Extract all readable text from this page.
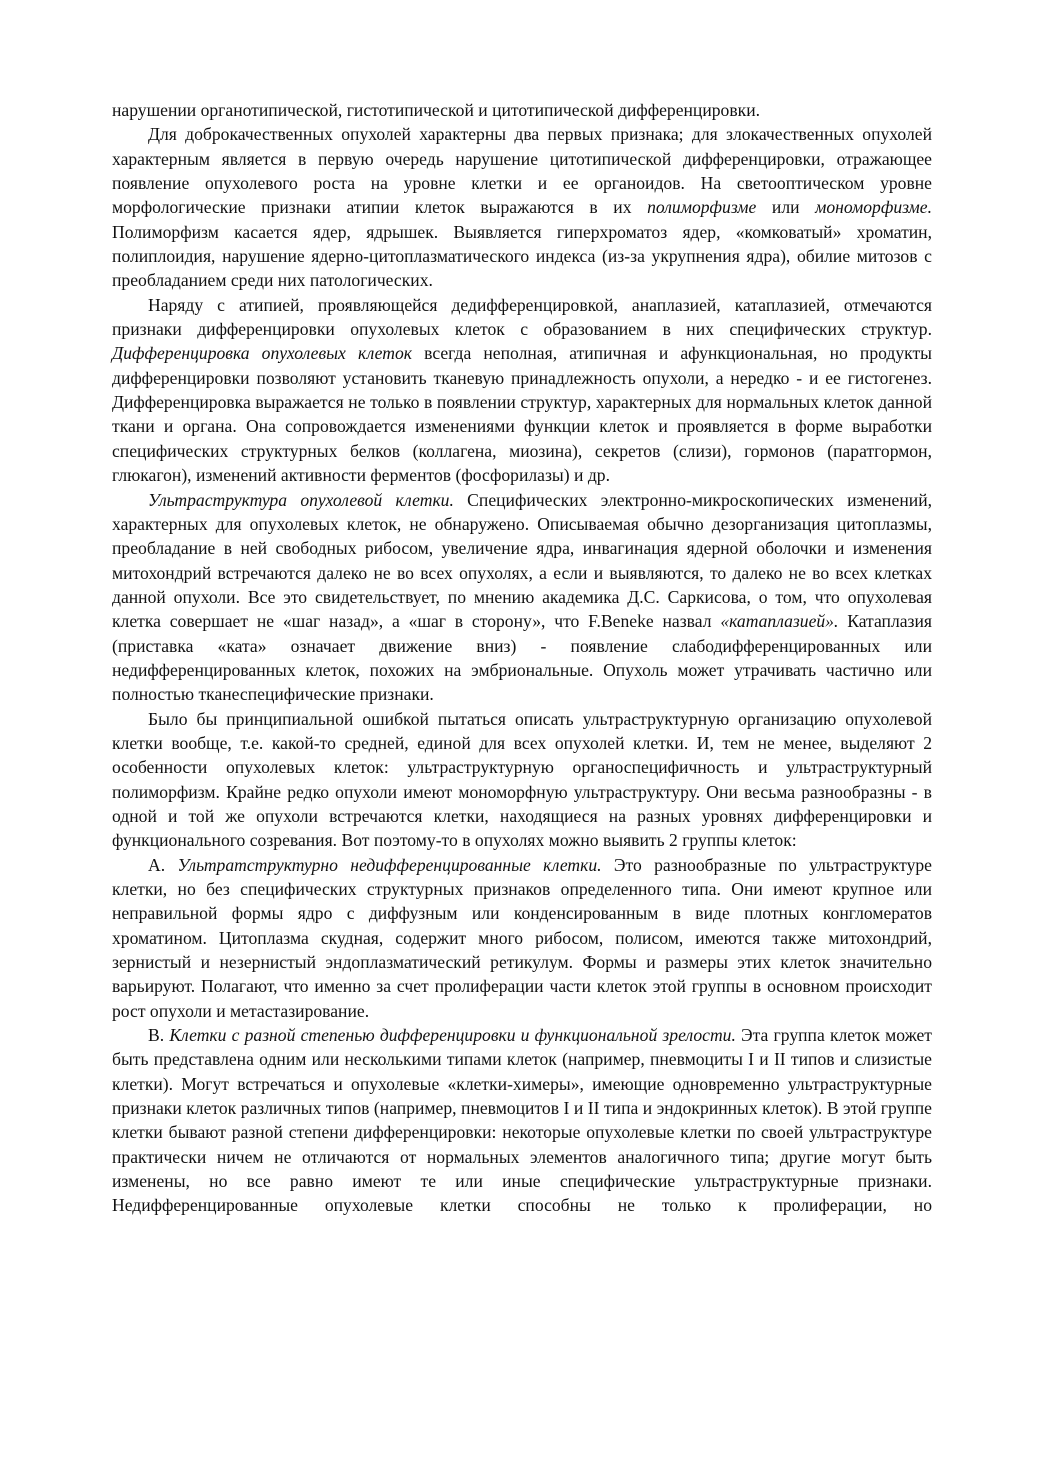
нарушении органотипической, гистотипической и цитотипической дифференцировки.

Для доброкачественных опухолей характерны два первых признака; для злокачественных опухолей характерным является в первую очередь нарушение цитотипической дифференцировки, отражающее появление опухолевого роста на уровне клетки и ее органоидов. На светооптическом уровне морфологические признаки атипии клеток выражаются в их полиморфизме или мономорфизме. Полиморфизм касается ядер, ядрышек. Выявляется гиперхроматоз ядер, «комковатый» хроматин, полиплоидия, нарушение ядерно-цитоплазматического индекса (из-за укрупнения ядра), обилие митозов с преобладанием среди них патологических.

Наряду с атипией, проявляющейся дедифференцировкой, анаплазией, катаплазией, отмечаются признаки дифференцировки опухолевых клеток с образованием в них специфических структур. Дифференцировка опухолевых клеток всегда неполная, атипичная и афункциональная, но продукты дифференцировки позволяют установить тканевую принадлежность опухоли, а нередко - и ее гистогенез. Дифференцировка выражается не только в появлении структур, характерных для нормальных клеток данной ткани и органа. Она сопровождается изменениями функции клеток и проявляется в форме выработки специфических структурных белков (коллагена, миозина), секретов (слизи), гормонов (паратгормон, глюкагон), изменений активности ферментов (фосфорилазы) и др.

Ультраструктура опухолевой клетки. Специфических электронно-микроскопических изменений, характерных для опухолевых клеток, не обнаружено. Описываемая обычно дезорганизация цитоплазмы, преобладание в ней свободных рибосом, увеличение ядра, инвагинация ядерной оболочки и изменения митохондрий встречаются далеко не во всех опухолях, а если и выявляются, то далеко не во всех клетках данной опухоли. Все это свидетельствует, по мнению академика Д.С. Саркисова, о том, что опухолевая клетка совершает не «шаг назад», а «шаг в сторону», что F.Beneke назвал «катаплазией». Катаплазия (приставка «ката» означает движение вниз) - появление слабодифференцированных или недифференцированных клеток, похожих на эмбриональные. Опухоль может утрачивать частично или полностью тканеспецифические признаки.

Было бы принципиальной ошибкой пытаться описать ультраструктурную организацию опухолевой клетки вообще, т.е. какой-то средней, единой для всех опухолей клетки. И, тем не менее, выделяют 2 особенности опухолевых клеток: ультраструктурную органоспецифичность и ультраструктурный полиморфизм. Крайне редко опухоли имеют мономорфную ультраструктуру. Они весьма разнообразны - в одной и той же опухоли встречаются клетки, находящиеся на разных уровнях дифференцировки и функционального созревания. Вот поэтому-то в опухолях можно выявить 2 группы клеток:

А. Ультратструктурно недифференцированные клетки. Это разнообразные по ультраструктуре клетки, но без специфических структурных признаков определенного типа. Они имеют крупное или неправильной формы ядро с диффузным или конденсированным в виде плотных конгломератов хроматином. Цитоплазма скудная, содержит много рибосом, полисом, имеются также митохондрий, зернистый и незернистый эндоплазматический ретикулум. Формы и размеры этих клеток значительно варьируют. Полагают, что именно за счет пролиферации части клеток этой группы в основном происходит рост опухоли и метастазирование.

В. Клетки с разной степенью дифференцировки и функциональной зрелости. Эта группа клеток может быть представлена одним или несколькими типами клеток (например, пневмоциты I и II типов и слизистые клетки). Могут встречаться и опухолевые «клетки-химеры», имеющие одновременно ультраструктурные признаки клеток различных типов (например, пневмоцитов I и II типа и эндокринных клеток). В этой группе клетки бывают разной степени дифференцировки: некоторые опухолевые клетки по своей ультраструктуре практически ничем не отличаются от нормальных элементов аналогичного типа; другие могут быть изменены, но все равно имеют те или иные специфические ультраструктурные признаки. Недифференцированные опухолевые клетки способны не только к пролиферации, но
